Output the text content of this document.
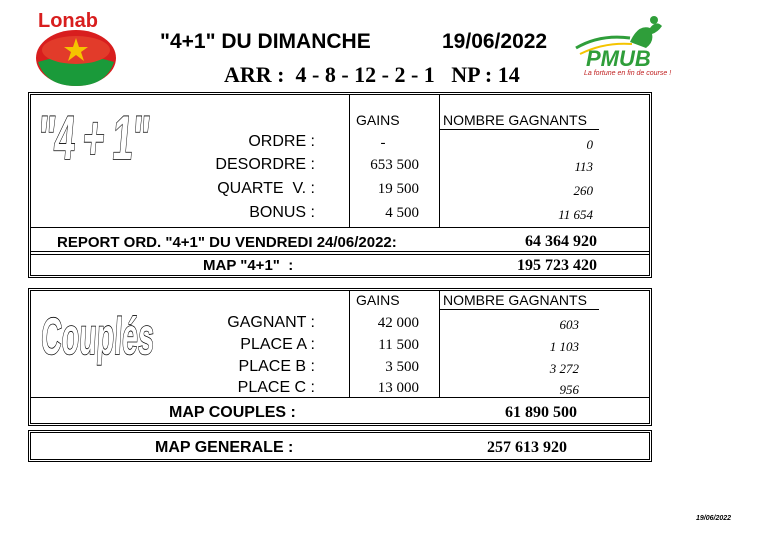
Lonab
"4+1" DU DIMANCHE	19/06/2022
ARR :  4 - 8 - 12 - 2 - 1   NP : 14
PMUB
La fortune en fin de course !
"4 + 1"	GAINS	NOMBRE GAGNANTS
ORDRE :	-	0
DESORDRE :	653 500	113
QUARTE  V. :	19 500	260
BONUS :	4 500	11 654
REPORT ORD. "4+1" DU VENDREDI 24/06/2022:	64 364 920
MAP "4+1"  :	195 723 420
Couplés
GAINS	NOMBRE GAGNANTS
GAGNANT :	42 000	603
PLACE A :	11 500	1 103
PLACE B :	3 500	3 272
PLACE C :	13 000	956
MAP COUPLES :	61 890 500
MAP GENERALE :	257 613 920
19/06/2022
